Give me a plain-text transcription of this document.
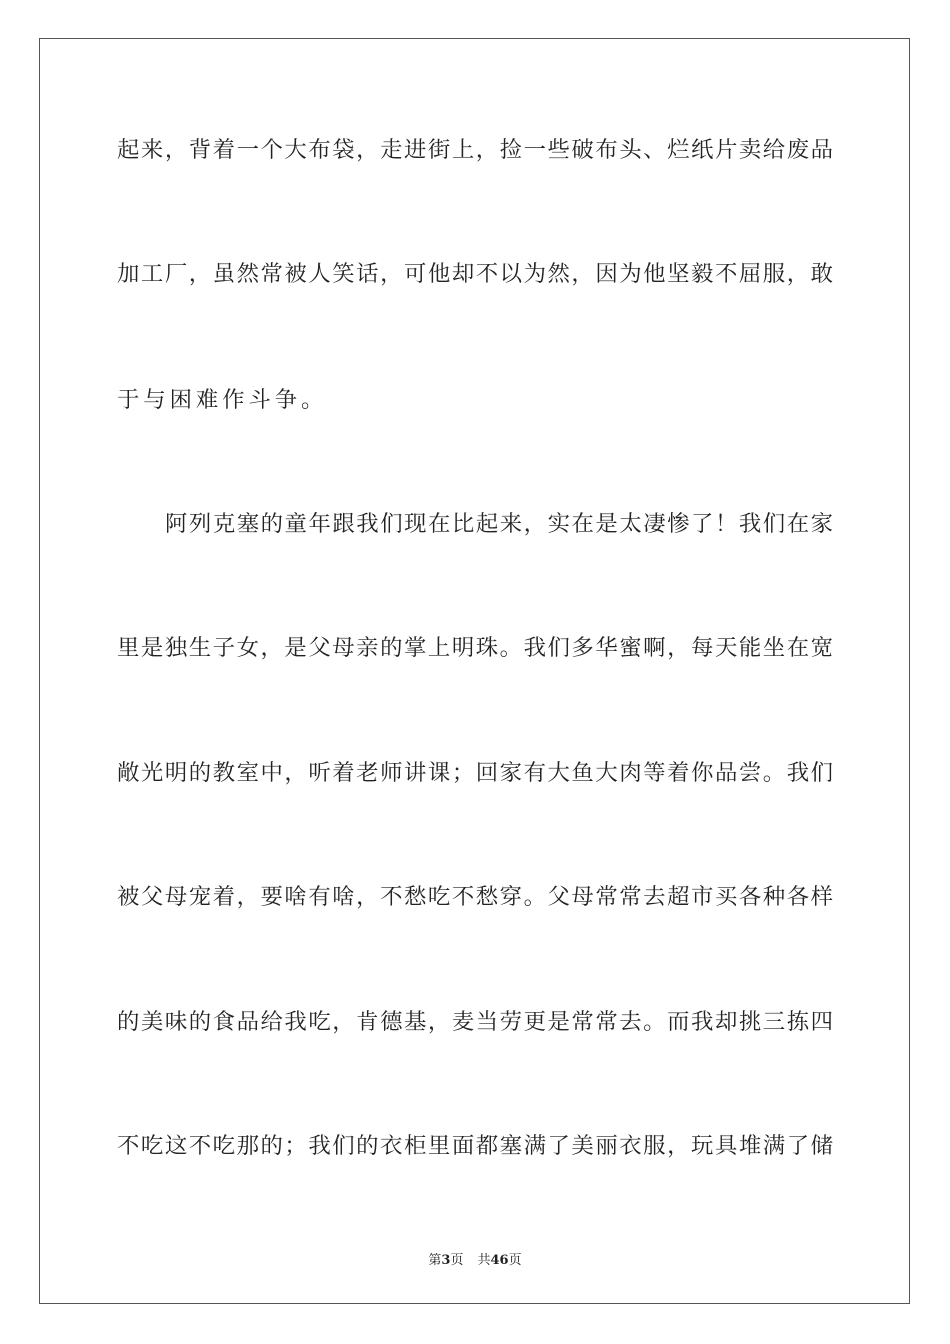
起来，背着一个大布袋，走进街上，捡一些破布头、烂纸片卖给废品
加工厂，虽然常被人笑话，可他却不以为然，因为他坚毅不屈服，敢
于与困难作斗争。
阿列克塞的童年跟我们现在比起来，实在是太凄惨了！我们在家
里是独生子女，是父母亲的掌上明珠。我们多华蜜啊，每天能坐在宽
敞光明的教室中，听着老师讲课；回家有大鱼大肉等着你品尝。我们
被父母宠着，要啥有啥，不愁吃不愁穿。父母常常去超市买各种各样
的美味的食品给我吃，肯德基，麦当劳更是常常去。而我却挑三拣四
不吃这不吃那的；我们的衣柜里面都塞满了美丽衣服，玩具堆满了储
第3页 共46页
